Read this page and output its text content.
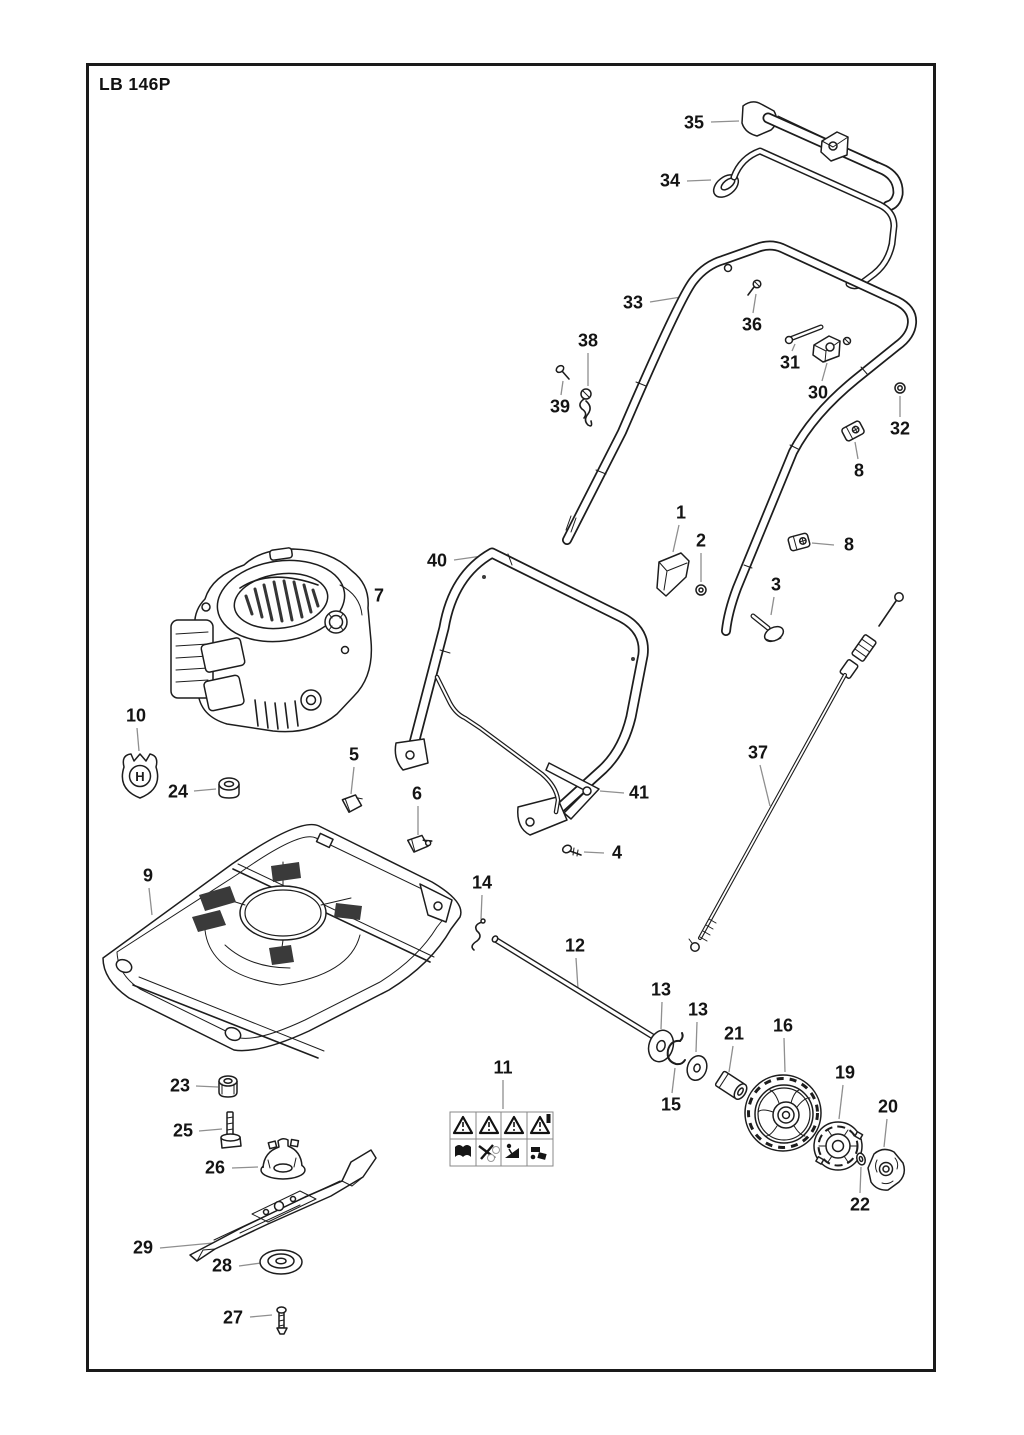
LB 146P
H
35
34
33
38
39
36
31
30
32
8
8
40
1
2
3
7
37
10
24
5
6	41
4
9	14
12
13
13
15
21 16
19
20
22
11
23
25
26
29
28
27
